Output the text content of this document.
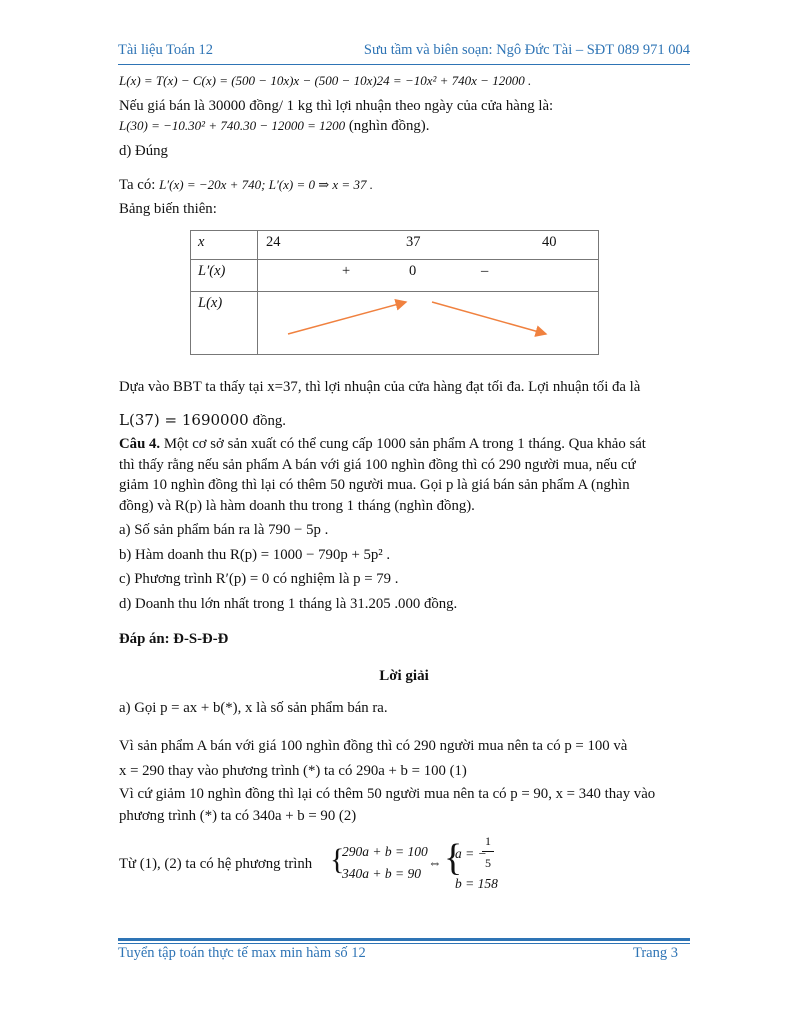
Tài liệu Toán 12	Sưu tầm và biên soạn: Ngô Đức Tài – SĐT 089 971 004
L(x) = T(x) − C(x) = (500 − 10x)x − (500 − 10x)24 = −10x² + 740x − 12000 .
Nếu giá bán là 30000 đồng/ 1 kg thì lợi nhuận theo ngày của cửa hàng là:
L(30) = −10.30² + 740.30 − 12000 = 1200 (nghìn đồng).
d) Đúng
Ta có: L′(x) = −20x + 740; L′(x) = 0 ⇒ x = 37 .
Bảng biến thiên:
x	24 37 40

L′(x)	+ 0 –

L(x)	
Dựa vào BBT ta thấy tại x=37, thì lợi nhuận của cửa hàng đạt tối đa. Lợi nhuận tối đa là
L(37) = 1690000 đồng.
Câu 4. Một cơ sở sản xuất có thể cung cấp 1000 sản phẩm A trong 1 tháng. Qua khảo sát
thì thấy rằng nếu sản phẩm A bán với giá 100 nghìn đồng thì có 290 người mua, nếu cứ
giảm 10 nghìn đồng thì lại có thêm 50 người mua. Gọi p là giá bán sản phẩm A (nghìn
đồng) và R(p) là hàm doanh thu trong 1 tháng (nghìn đồng).
a) Số sản phẩm bán ra là 790 − 5p .
b) Hàm doanh thu R(p) = 1000 − 790p + 5p² .
c) Phương trình R′(p) = 0 có nghiệm là p = 79 .
d) Doanh thu lớn nhất trong 1 tháng là 31.205 .000 đồng.
Đáp án: Đ-S-Đ-Đ
Lời giải
a) Gọi p = ax + b(*), x là số sản phẩm bán ra.
Vì sản phẩm A bán với giá 100 nghìn đồng thì có 290 người mua nên ta có p = 100 và
x = 290 thay vào phương trình (*) ta có 290a + b = 100 (1)
Vì cứ giảm 10 nghìn đồng thì lại có thêm 50 người mua nên ta có p = 90, x = 340 thay vào
phương trình (*) ta có 340a + b = 90 (2)
Từ (1), (2) ta có hệ phương trình {
290a + b = 100
340a + b = 90
⇔ {
a = −
1
5
b = 158
Tuyển tập toán thực tế max min hàm số 12	Trang 3
